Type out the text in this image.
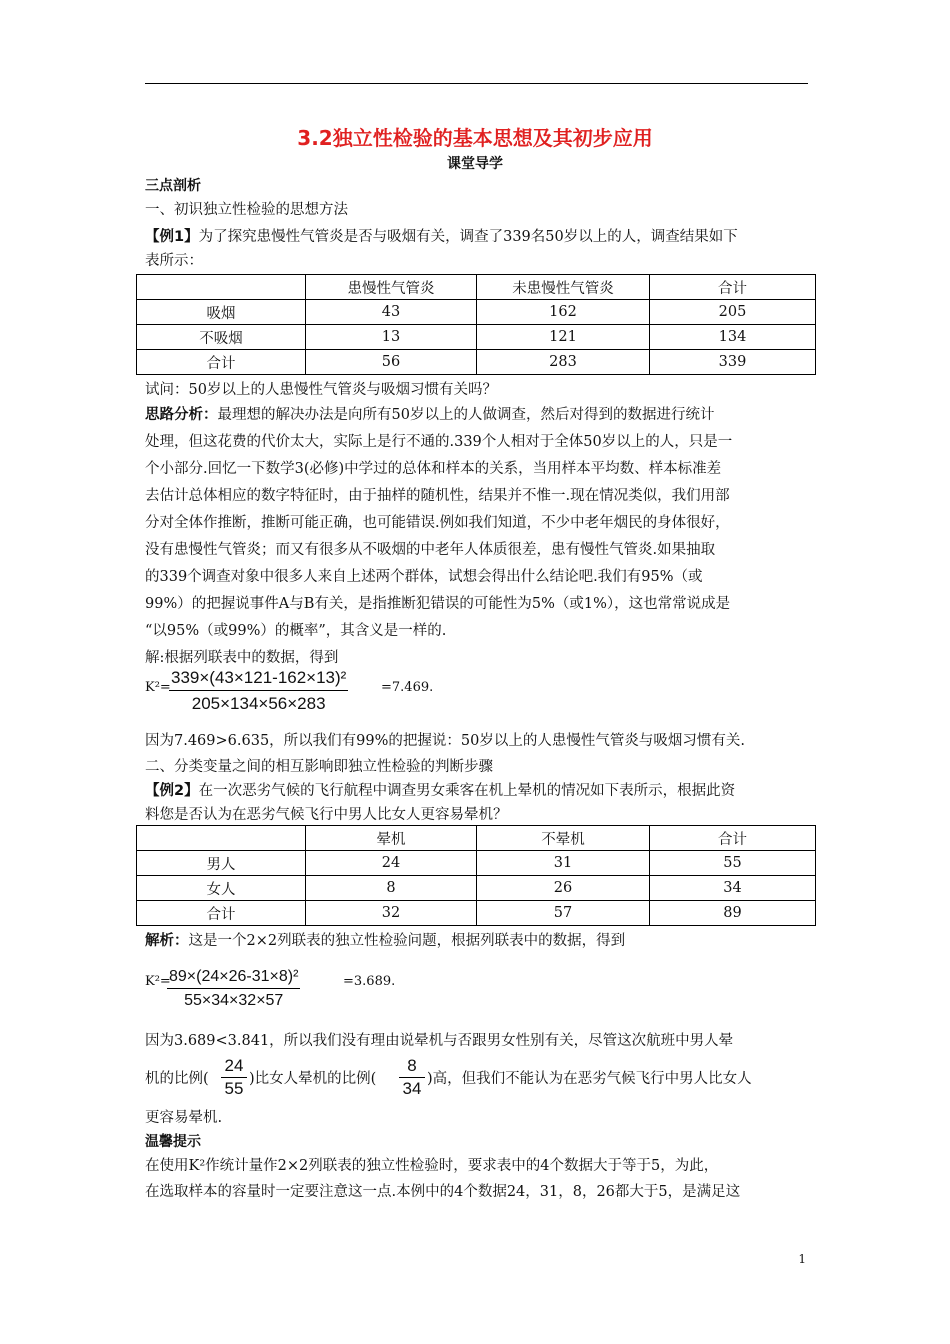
3.2独立性检验的基本思想及其初步应用
课堂导学
三点剖析
一、初识独立性检验的思想方法
【例1】为了探究患慢性气管炎是否与吸烟有关，调查了339名50岁以上的人，调查结果如下
表所示：
	患慢性气管炎	未患慢性气管炎	合计
吸烟	43	162	205
不吸烟	13	121	134
合计	56	283	339
试问：50岁以上的人患慢性气管炎与吸烟习惯有关吗？
思路分析：最理想的解决办法是向所有50岁以上的人做调查，然后对得到的数据进行统计
处理，但这花费的代价太大，实际上是行不通的.339个人相对于全体50岁以上的人，只是一
个小部分.回忆一下数学3(必修)中学过的总体和样本的关系，当用样本平均数、样本标准差
去估计总体相应的数字特征时，由于抽样的随机性，结果并不惟一.现在情况类似，我们用部
分对全体作推断，推断可能正确，也可能错误.例如我们知道，不少中老年烟民的身体很好，
没有患慢性气管炎；而又有很多从不吸烟的中老年人体质很差，患有慢性气管炎.如果抽取
的339个调查对象中很多人来自上述两个群体，试想会得出什么结论吧.我们有95%（或
99%）的把握说事件A与B有关，是指推断犯错误的可能性为5%（或1%），这也常常说成是
“以95%（或99%）的概率”，其含义是一样的.
解:根据列联表中的数据，得到
K²=
$\frac{\text{339×(43×121-162×13)²}}{205\times 134\times 56\times 283}$	=7.469.
因为7.469>6.635，所以我们有99%的把握说：50岁以上的人患慢性气管炎与吸烟习惯有关.
二、分类变量之间的相互影响即独立性检验的判断步骤
【例2】在一次恶劣气候的飞行航程中调查男女乘客在机上晕机的情况如下表所示，根据此资
料您是否认为在恶劣气候飞行中男人比女人更容易晕机？
	晕机	不晕机	合计
男人	24	31	55
女人	8	26	34
合计	32	57	89
解析：这是一个2×2列联表的独立性检验问题，根据列联表中的数据，得到
K²=
$\frac{\text{89×(24×26-31×8)²}}{55\times 34\times 32\times 57}$	=3.689.
因为3.689<3.841，所以我们没有理由说晕机与否跟男女性别有关，尽管这次航班中男人晕
机的比例( $\frac{24}{55}$ )比女人晕机的比例( $\frac{8}{34}$ )高，但我们不能认为在恶劣气候飞行中男人比女人
更容易晕机.
温馨提示
在使用K²作统计量作2×2列联表的独立性检验时，要求表中的4个数据大于等于5，为此，
在选取样本的容量时一定要注意这一点.本例中的4个数据24，31，8，26都大于5，是满足这
1
